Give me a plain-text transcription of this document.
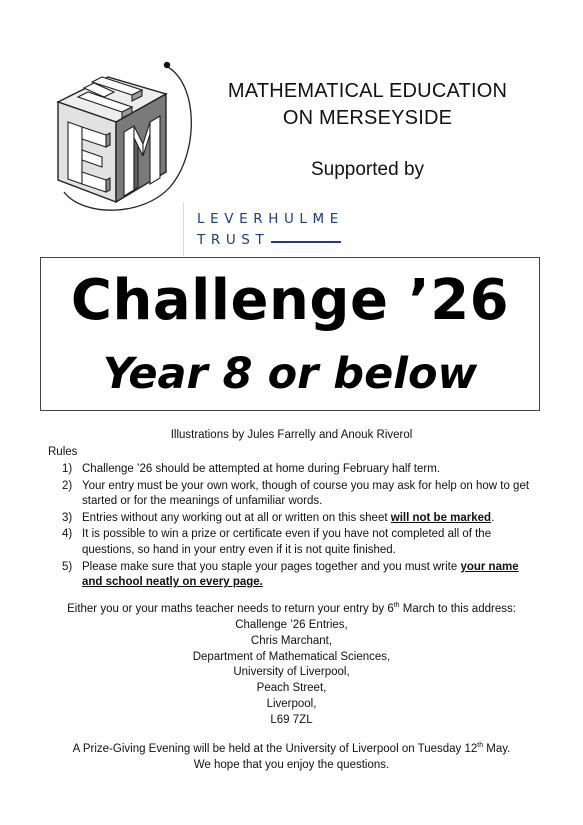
MATHEMATICAL EDUCATION
ON MERSEYSIDE
Supported by
LEVERHULME
TRUST
Challenge ’26
Year 8 or below
Illustrations by Jules Farrelly and Anouk Riverol
Rules
1) Challenge ’26 should be attempted at home during February half term.
2) Your entry must be your own work, though of course you may ask for help on how to get started or for the meanings of unfamiliar words.
3) Entries without any working out at all or written on this sheet will not be marked.
4) It is possible to win a prize or certificate even if you have not completed all of the questions, so hand in your entry even if it is not quite finished.
5) Please make sure that you staple your pages together and you must write your name and school neatly on every page.
Either you or your maths teacher needs to return your entry by 6th March to this address:
Challenge ’26 Entries,
Chris Marchant,
Department of Mathematical Sciences,
University of Liverpool,
Peach Street,
Liverpool,
L69 7ZL
A Prize-Giving Evening will be held at the University of Liverpool on Tuesday 12th May.
We hope that you enjoy the questions.
